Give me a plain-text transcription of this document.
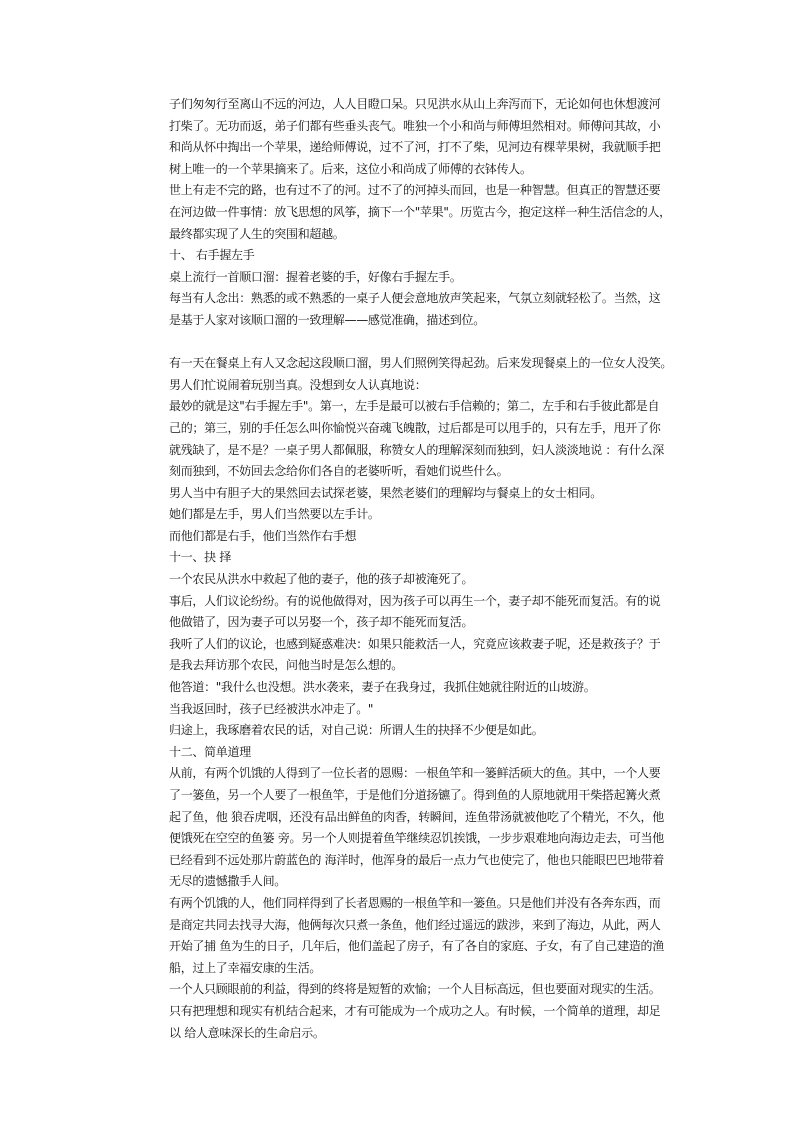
子们匆匆行至离山不远的河边，人人目瞪口呆。只见洪水从山上奔泻而下，无论如何也休想渡河
打柴了。无功而返，弟子们都有些垂头丧气。唯独一个小和尚与师傅坦然相对。师傅问其故，小
和尚从怀中掏出一个苹果，递给师傅说，过不了河，打不了柴，见河边有棵苹果树，我就顺手把
树上唯一的一个苹果摘来了。后来，这位小和尚成了师傅的衣钵传人。
世上有走不完的路，也有过不了的河。过不了的河掉头而回，也是一种智慧。但真正的智慧还要
在河边做一件事情：放飞思想的风筝，摘下一个"苹果"。历览古今，抱定这样一种生活信念的人，
最终都实现了人生的突围和超越。
十、 右手握左手
桌上流行一首顺口溜：握着老婆的手，好像右手握左手。
每当有人念出：熟悉的或不熟悉的一桌子人便会意地放声笑起来，气氛立刻就轻松了。当然，这
是基于人家对该顺口溜的一致理解——感觉准确，描述到位。
有一天在餐桌上有人又念起这段顺口溜，男人们照例笑得起劲。后来发现餐桌上的一位女人没笑。
男人们忙说闹着玩别当真。没想到女人认真地说：
最妙的就是这"右手握左手"。第一，左手是最可以被右手信赖的；第二，左手和右手彼此都是自
己的；第三，别的手任怎么叫你愉悦兴奋魂飞魄散，过后都是可以甩手的，只有左手，甩开了你
就残缺了，是不是？一桌子男人都佩服，称赞女人的理解深刻而独到，妇人淡淡地说 ：有什么深
刻而独到，不妨回去念给你们各自的老婆听听，看她们说些什么。
男人当中有胆子大的果然回去试探老婆，果然老婆们的理解均与餐桌上的女士相同。
她们都是左手，男人们当然要以左手计。
而他们都是右手，他们当然作右手想
十一、抉 择
一个农民从洪水中救起了他的妻子，他的孩子却被淹死了。
事后，人们议论纷纷。有的说他做得对，因为孩子可以再生一个，妻子却不能死而复活。有的说
他做错了，因为妻子可以另娶一个，孩子却不能死而复活。
我听了人们的议论，也感到疑惑难决：如果只能救活一人，究竟应该救妻子呢，还是救孩子？于
是我去拜访那个农民，问他当时是怎么想的。
他答道："我什么也没想。洪水袭来，妻子在我身过，我抓住她就往附近的山坡游。
当我返回时，孩子已经被洪水冲走了。"
归途上，我琢磨着农民的话，对自己说：所谓人生的抉择不少便是如此。
十二、简单道理
从前，有两个饥饿的人得到了一位长者的恩赐：一根鱼竿和一篓鲜活硕大的鱼。其中，一个人要
了一篓鱼，另一个人要了一根鱼竿，于是他们分道扬镳了。得到鱼的人原地就用干柴搭起篝火煮
起了鱼，他 狼吞虎咽，还没有品出鲜鱼的肉香，转瞬间，连鱼带汤就被他吃了个精光，不久，他
便饿死在空空的鱼篓 旁。另一个人则提着鱼竿继续忍饥挨饿，一步步艰难地向海边走去，可当他
已经看到不远处那片蔚蓝色的 海洋时，他浑身的最后一点力气也使完了，他也只能眼巴巴地带着
无尽的遗憾撒手人间。
有两个饥饿的人，他们同样得到了长者恩赐的一根鱼竿和一篓鱼。只是他们并没有各奔东西，而
是商定共同去找寻大海，他俩每次只煮一条鱼，他们经过遥远的跋涉，来到了海边，从此，两人
开始了捕 鱼为生的日子，几年后，他们盖起了房子，有了各自的家庭、子女，有了自己建造的渔
船，过上了幸福安康的生活。
一个人只顾眼前的利益，得到的终将是短暂的欢愉；一个人目标高远，但也要面对现实的生活。
只有把理想和现实有机结合起来，才有可能成为一个成功之人。有时候，一个简单的道理，却足
以 给人意味深长的生命启示。
